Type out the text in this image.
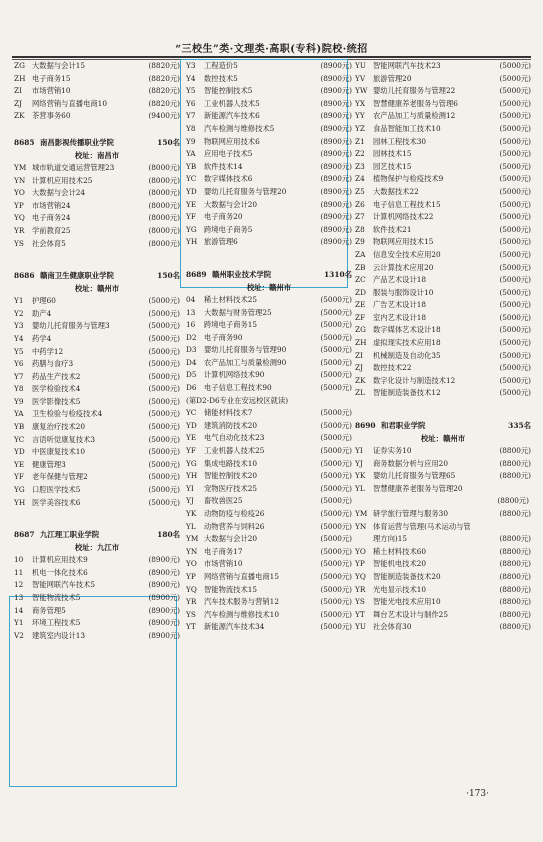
“三校生”类·文理类·高职(专科)院校·统招
ZG 大数据与会计15	(8820元)
ZH 电子商务15	(8820元)
ZI	市场营销10	(8820元)
ZJ	网络营销与直播电商10	(8820元)
ZK	茶营事务60	(9400元)
8685 南昌影视传播职业学院	150名
校址：南昌市
YM 城市轨道交通运营管理23	(8000元)
YN 计算机应用技术25	(8000元)
YO 大数据与会计24	(8000元)
YP	市场营销24	(8000元)
YQ 电子商务24	(8000元)
YR	学前教育25	(8000元)
YS	社会体育5	(8000元)
8686 赣南卫生健康职业学院	150名
校址：赣州市
Y1	护理60	(5000元)
Y2	助产4	(5000元)
Y3	婴幼儿托育服务与管理3	(5000元)
Y4	药学4	(5000元)
Y5	中药学12	(5000元)
Y6	药膳与食疗3	(5000元)
Y7	药品生产技术2	(5000元)
Y8	医学检验技术4	(5000元)
Y9	医学影像技术5	(5000元)
YA	卫生检验与检疫技术4	(5000元)
YB	康复治疗技术20	(5000元)
YC	言语听觉康复技术3	(5000元)
YD	中医康复技术10	(5000元)
YE	健康管理3	(5000元)
YF	老年保健与管理2	(5000元)
YG	口腔医学技术5	(5000元)
YH 医学美容技术6	(5000元)
8687 九江理工职业学院	180名
校址：九江市
10	计算机应用技术9	(8900元)
11	机电一体化技术6	(8900元)
12	智能网联汽车技术5	(8900元)
13	智能物流技术5	(8900元)
14	商务管理5	(8900元)
Y1	环境工程技术5	(8900元)
V2	建筑室内设计13	(8900元)
Y3	工程造价5	(8900元)
Y4	数控技术5	(8900元)
Y5	智能控制技术5	(8900元)
Y6	工业机器人技术5	(8900元)
Y7	新能源汽车技术6	(8900元)
Y8	汽车检测与维修技术5	(8900元)
Y9	物联网应用技术6	(8900元)
YA	应用电子技术5	(8900元)
YB	软件技术14	(8900元)
YC	数字媒体技术6	(8900元)
YD	婴幼儿托育服务与管理20	(8900元)
YE	大数据与会计20	(8900元)
YF	电子商务20	(8900元)
YG	跨境电子商务5	(8900元)
YH 旅游管理6	(8900元)
8689 赣州职业技术学院	1310名
校址：赣州市
04	稀土材料技术25	(5000元)
13	大数据与财务管理25	(5000元)
16	跨境电子商务15	(5000元)
D2	电子商务90	(5000元)
D3	婴幼儿托育服务与管理90	(5000元)
D4	农产品加工与质量检测90	(5000元)
D5	计算机网络技术90	(5000元)
D6	电子信息工程技术90	(5000元)
(第D2-D6专业在安远校区就读)
YC	储能材料技术7	(5000元)
YD	建筑消防技术20	(5000元)
YE	电气自动化技术23	(5000元)
YF	工业机器人技术25	(5000元)
YG	集成电路技术10	(5000元)
YH 智能控制技术20	(5000元)
YI	宠物医疗技术25	(5000元)
YJ	畜牧兽医25	(5000元)
YK	动物防疫与检疫26	(5000元)
YL	动物营养与饲料26	(5000元)
YM 大数据与会计20	(5000元)
YN 电子商务17	(5000元)
YO 市场营销10	(5000元)
YP	网络营销与直播电商15	(5000元)
YQ 智能物流技术15	(5000元)
YR	汽车技术服务与营销12	(5000元)
YS	汽车检测与维修技术10	(5000元)
YT	新能源汽车技术34	(5000元)
YU 智能网联汽车技术23	(5000元)
YV	旅游管理20	(5000元)
YW 婴幼儿托育服务与管理22	(5000元)
YX	智慧健康养老服务与管理6	(5000元)
YY	农产品加工与质量检测12	(5000元)
YZ	食品智能加工技术10	(5000元)
Z1	园林工程技术30	(5000元)
Z2	园林技术15	(5000元)
Z3	园艺技术15	(5000元)
Z4	植物保护与检疫技术9	(5000元)
Z5	大数据技术22	(5000元)
Z6	电子信息工程技术15	(5000元)
Z7	计算机网络技术22	(5000元)
Z8	软件技术21	(5000元)
Z9	物联网应用技术15	(5000元)
ZA	信息安全技术应用20	(5000元)
ZB	云计算技术应用20	(5000元)
ZC	产品艺术设计18	(5000元)
ZD 服装与服饰设计10	(5000元)
ZE	广告艺术设计18	(5000元)
ZF	室内艺术设计18	(5000元)
ZG 数字媒体艺术设计18	(5000元)
ZH 虚拟现实技术应用18	(5000元)
ZI	机械制造及自动化35	(5000元)
ZJ	数控技术22	(5000元)
ZK	数字化设计与制造技术12	(5000元)
ZL	智能制造装备技术12	(5000元)
8690 和君职业学院	335名
校址：赣州市
YI	证券实务10	(8800元)
YJ	商务数据分析与应用20	(8800元)
YK	婴幼儿托育服务与管理65	(8800元)
YL	智慧健康养老服务与管理20
(8800元)
YM 研学旅行管理与服务30	(8800元)
YN 体育运营与管理(马术运动与管
理方向)15	(8800元)
YO 稀土材料技术60	(8800元)
YP	智能机电技术20	(8800元)
YQ 智能制造装备技术20	(8800元)
YR	光电显示技术10	(8800元)
YS	智能光电技术应用10	(8800元)
YT	舞台艺术设计与制作25	(8800元)
YU 社会体育30	(8800元)
·173·
